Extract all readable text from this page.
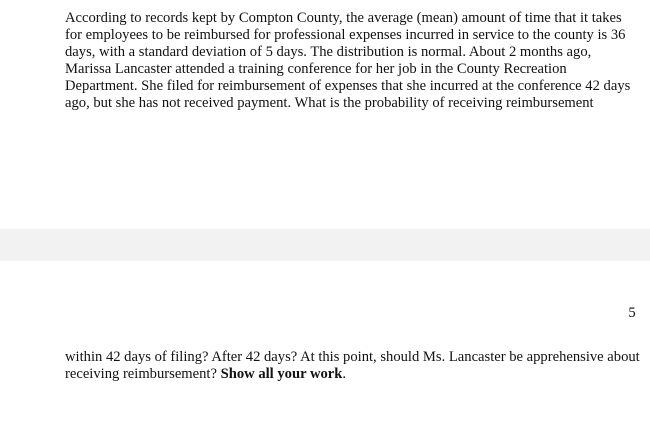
According to records kept by Compton County, the average (mean) amount of time that it takes for employees to be reimbursed for professional expenses incurred in service to the county is 36 days, with a standard deviation of 5 days. The distribution is normal. About 2 months ago, Marissa Lancaster attended a training conference for her job in the County Recreation Department. She filed for reimbursement of expenses that she incurred at the conference 42 days ago, but she has not received payment. What is the probability of receiving reimbursement

5

within 42 days of filing? After 42 days? At this point, should Ms. Lancaster be apprehensive about receiving reimbursement? Show all your work.
